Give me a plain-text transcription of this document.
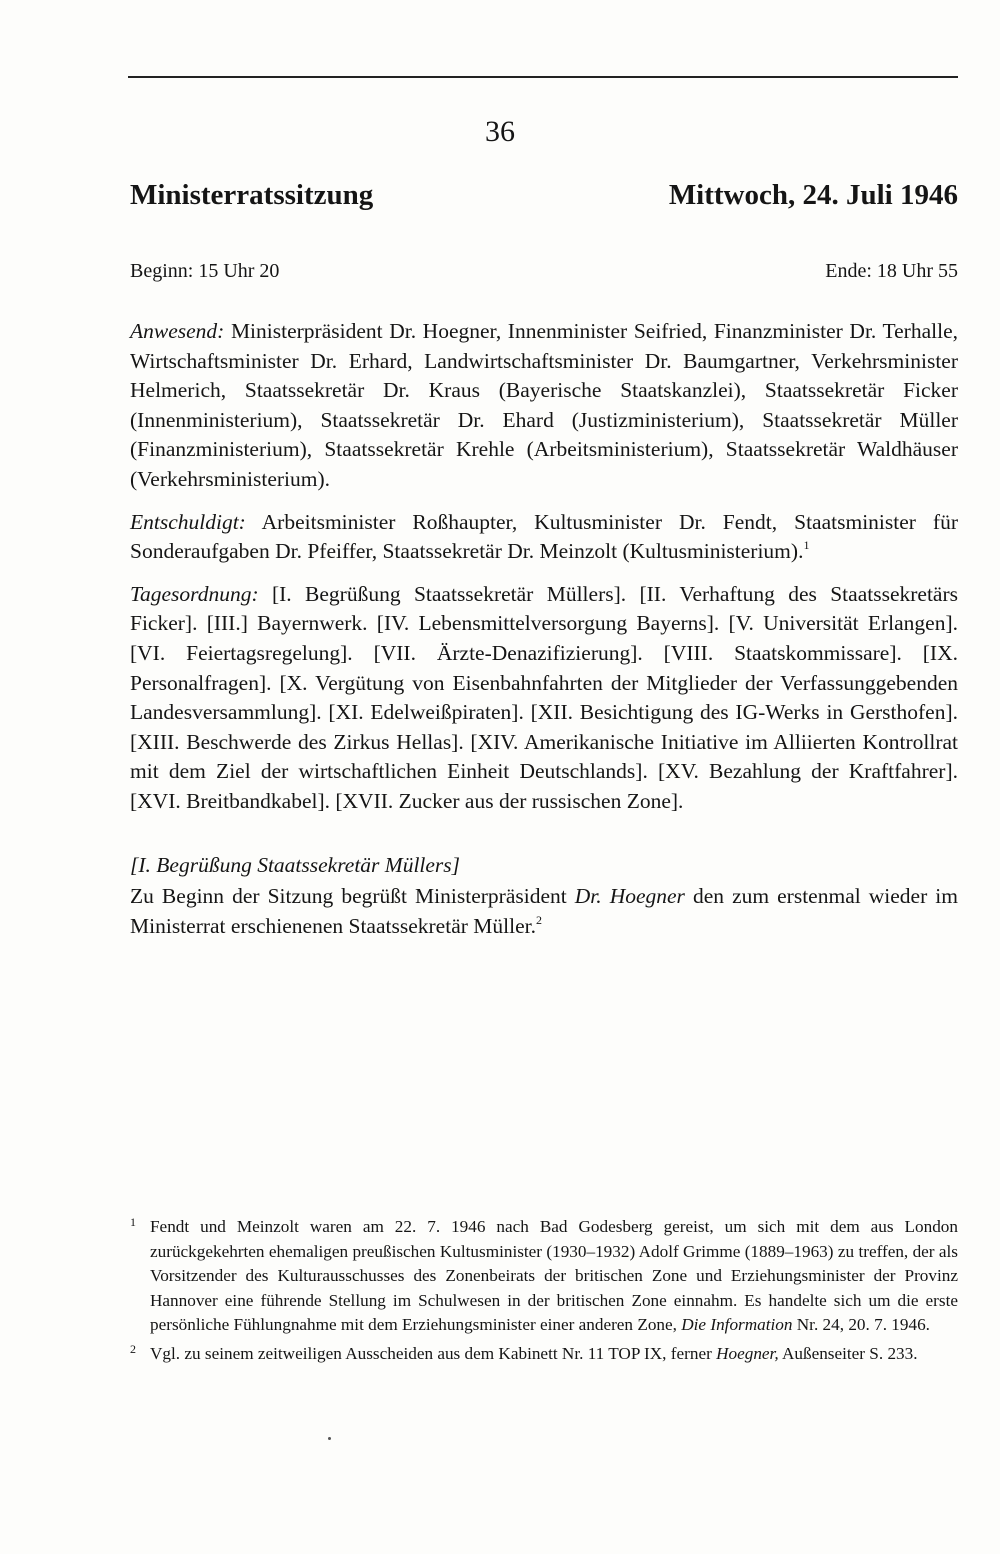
36
Ministerratssitzung	Mittwoch, 24. Juli 1946
Beginn: 15 Uhr 20	Ende: 18 Uhr 55

Anwesend: Ministerpräsident Dr. Hoegner, Innenminister Seifried, Finanzminister Dr. Terhalle, Wirtschaftsminister Dr. Erhard, Landwirtschaftsminister Dr. Baumgartner, Verkehrsminister Helmerich, Staatssekretär Dr. Kraus (Bayerische Staatskanzlei), Staatssekretär Ficker (Innenministerium), Staatssekretär Dr. Ehard (Justizministerium), Staatssekretär Müller (Finanzministerium), Staatssekretär Krehle (Arbeitsministerium), Staatssekretär Waldhäuser (Verkehrsministerium).

Entschuldigt: Arbeitsminister Roßhaupter, Kultusminister Dr. Fendt, Staatsminister für Sonderaufgaben Dr. Pfeiffer, Staatssekretär Dr. Meinzolt (Kultusministerium).$^1$

Tagesordnung: [I. Begrüßung Staatssekretär Müllers]. [II. Verhaftung des Staatssekretärs Ficker]. [III.] Bayernwerk. [IV. Lebensmittelversorgung Bayerns]. [V. Universität Erlangen]. [VI. Feiertagsregelung]. [VII. Ärzte-Denazifizierung]. [VIII. Staatskommissare]. [IX. Personalfragen]. [X. Vergütung von Eisenbahnfahrten der Mitglieder der Verfassunggebenden Landesversammlung]. [XI. Edelweißpiraten]. [XII. Besichtigung des IG-Werks in Gersthofen]. [XIII. Beschwerde des Zirkus Hellas]. [XIV. Amerikanische Initiative im Alliierten Kontrollrat mit dem Ziel der wirtschaftlichen Einheit Deutschlands]. [XV. Bezahlung der Kraftfahrer]. [XVI. Breitbandkabel]. [XVII. Zucker aus der russischen Zone].

[I. Begrüßung Staatssekretär Müllers]

Zu Beginn der Sitzung begrüßt Ministerpräsident Dr. Hoegner den zum erstenmal wieder im Ministerrat erschienenen Staatssekretär Müller.$^2$

1 Fendt und Meinzolt waren am 22. 7. 1946 nach Bad Godesberg gereist, um sich mit dem aus London zurückgekehrten ehemaligen preußischen Kultusminister (1930–1932) Adolf Grimme (1889–1963) zu treffen, der als Vorsitzender des Kulturausschusses des Zonenbeirats der britischen Zone und Erziehungsminister der Provinz Hannover eine führende Stellung im Schulwesen in der britischen Zone einnahm. Es handelte sich um die erste persönliche Fühlungnahme mit dem Erziehungsminister einer anderen Zone, Die Information Nr. 24, 20. 7. 1946.
2 Vgl. zu seinem zeitweiligen Ausscheiden aus dem Kabinett Nr. 11 TOP IX, ferner Hoegner, Außenseiter S. 233.
